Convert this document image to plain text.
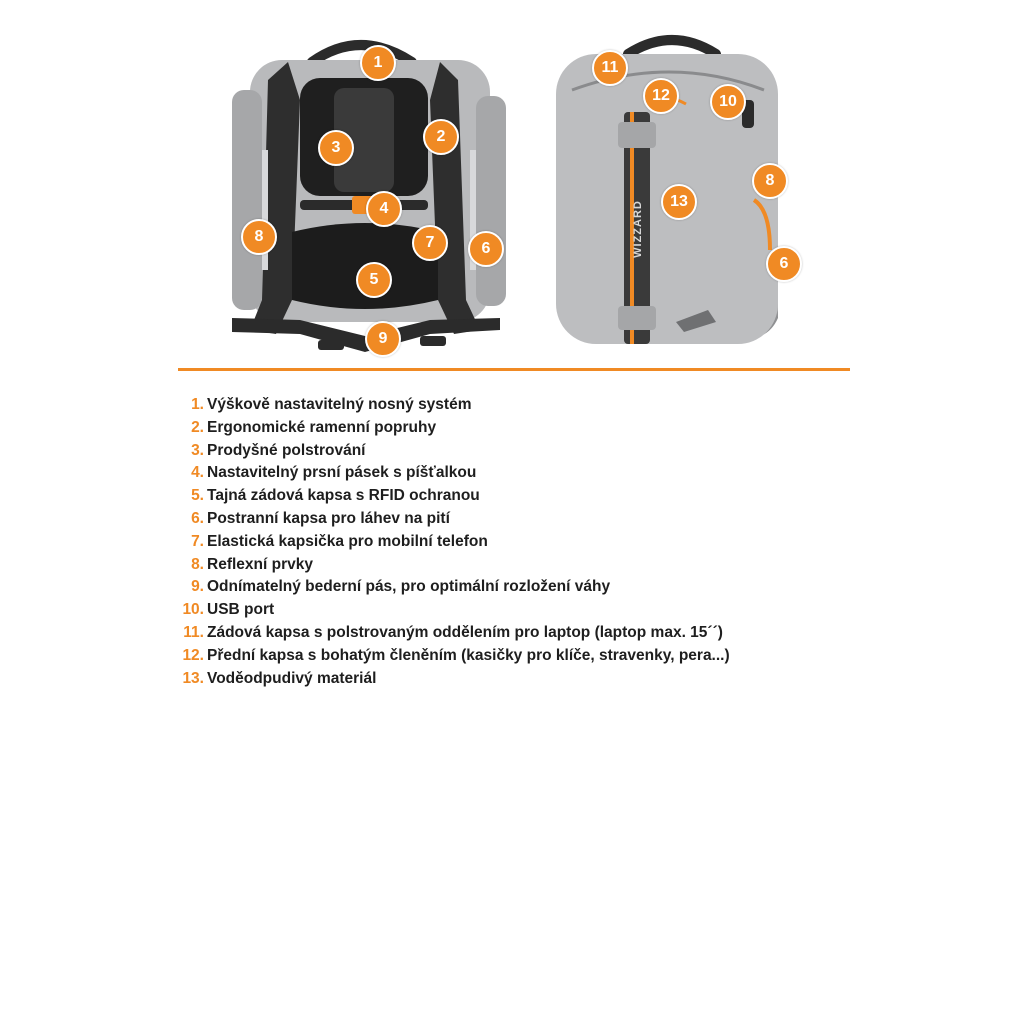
WIZZARD
1
2
3
4
5
6
7
8
9
11
12	10
8
13
6
1. Výškově nastavitelný nosný systém
2. Ergonomické ramenní popruhy
3. Prodyšné polstrování
4. Nastavitelný prsní pásek s píšťalkou
5. Tajná zádová kapsa s RFID ochranou
6. Postranní kapsa pro láhev na pití
7. Elastická kapsička pro mobilní telefon
8. Reflexní prvky
9. Odnímatelný bederní pás, pro optimální rozložení váhy
10. USB port
11. Zádová kapsa s polstrovaným oddělením pro laptop (laptop max. 15´´)
12. Přední kapsa s bohatým členěním (kasičky pro klíče, stravenky, pera...)
13. Voděodpudivý materiál
